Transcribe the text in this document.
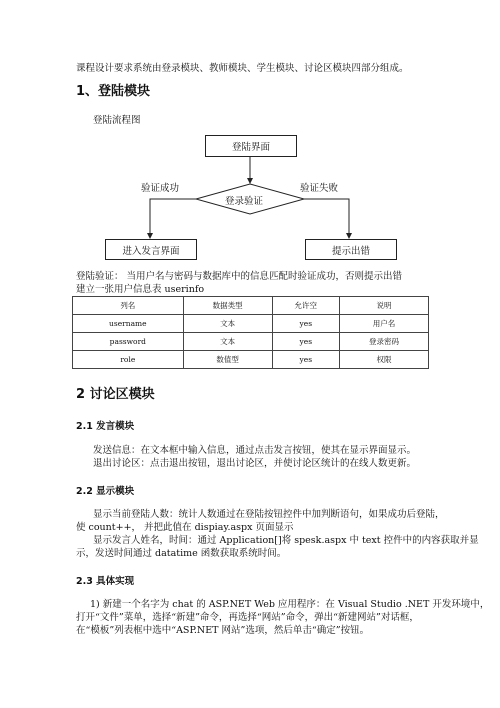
课程设计要求系统由登录模块、教师模块、学生模块、讨论区模块四部分组成。
1、登陆模块
登陆流程图
登陆界面
登录验证
验证成功	验证失败
进入发言界面	提示出错
登陆验证： 当用户名与密码与数据库中的信息匹配时验证成功，否则提示出错
建立一张用户信息表 userinfo
列名	数据类型	允许空	说明
username	文本	yes	用户名
password	文本	yes	登录密码
role	数值型	yes	权限
2 讨论区模块
2.1 发言模块
发送信息：在文本框中输入信息，通过点击发言按钮，使其在显示界面显示。
退出讨论区：点击退出按钮，退出讨论区，并使讨论区统计的在线人数更新。
2.2 显示模块
显示当前登陆人数：统计人数通过在登陆按钮控件中加判断语句，如果成功后登陆，
使 count++， 并把此值在 dispiay.aspx 页面显示
显示发言人姓名，时间：通过 Application[]将 spesk.aspx 中 text 控件中的内容获取并显
示，发送时间通过 datatime 函数获取系统时间。
2.3 具体实现
1) 新建一个名字为 chat 的 ASP.NET Web 应用程序：在 Visual Studio .NET 开发环境中，
打开“文件”菜单，选择“新建”命令，再选择“网站”命令，弹出“新建网站”对话框，
在“模板”列表框中选中“ASP.NET 网站”选项，然后单击“确定”按钮。
